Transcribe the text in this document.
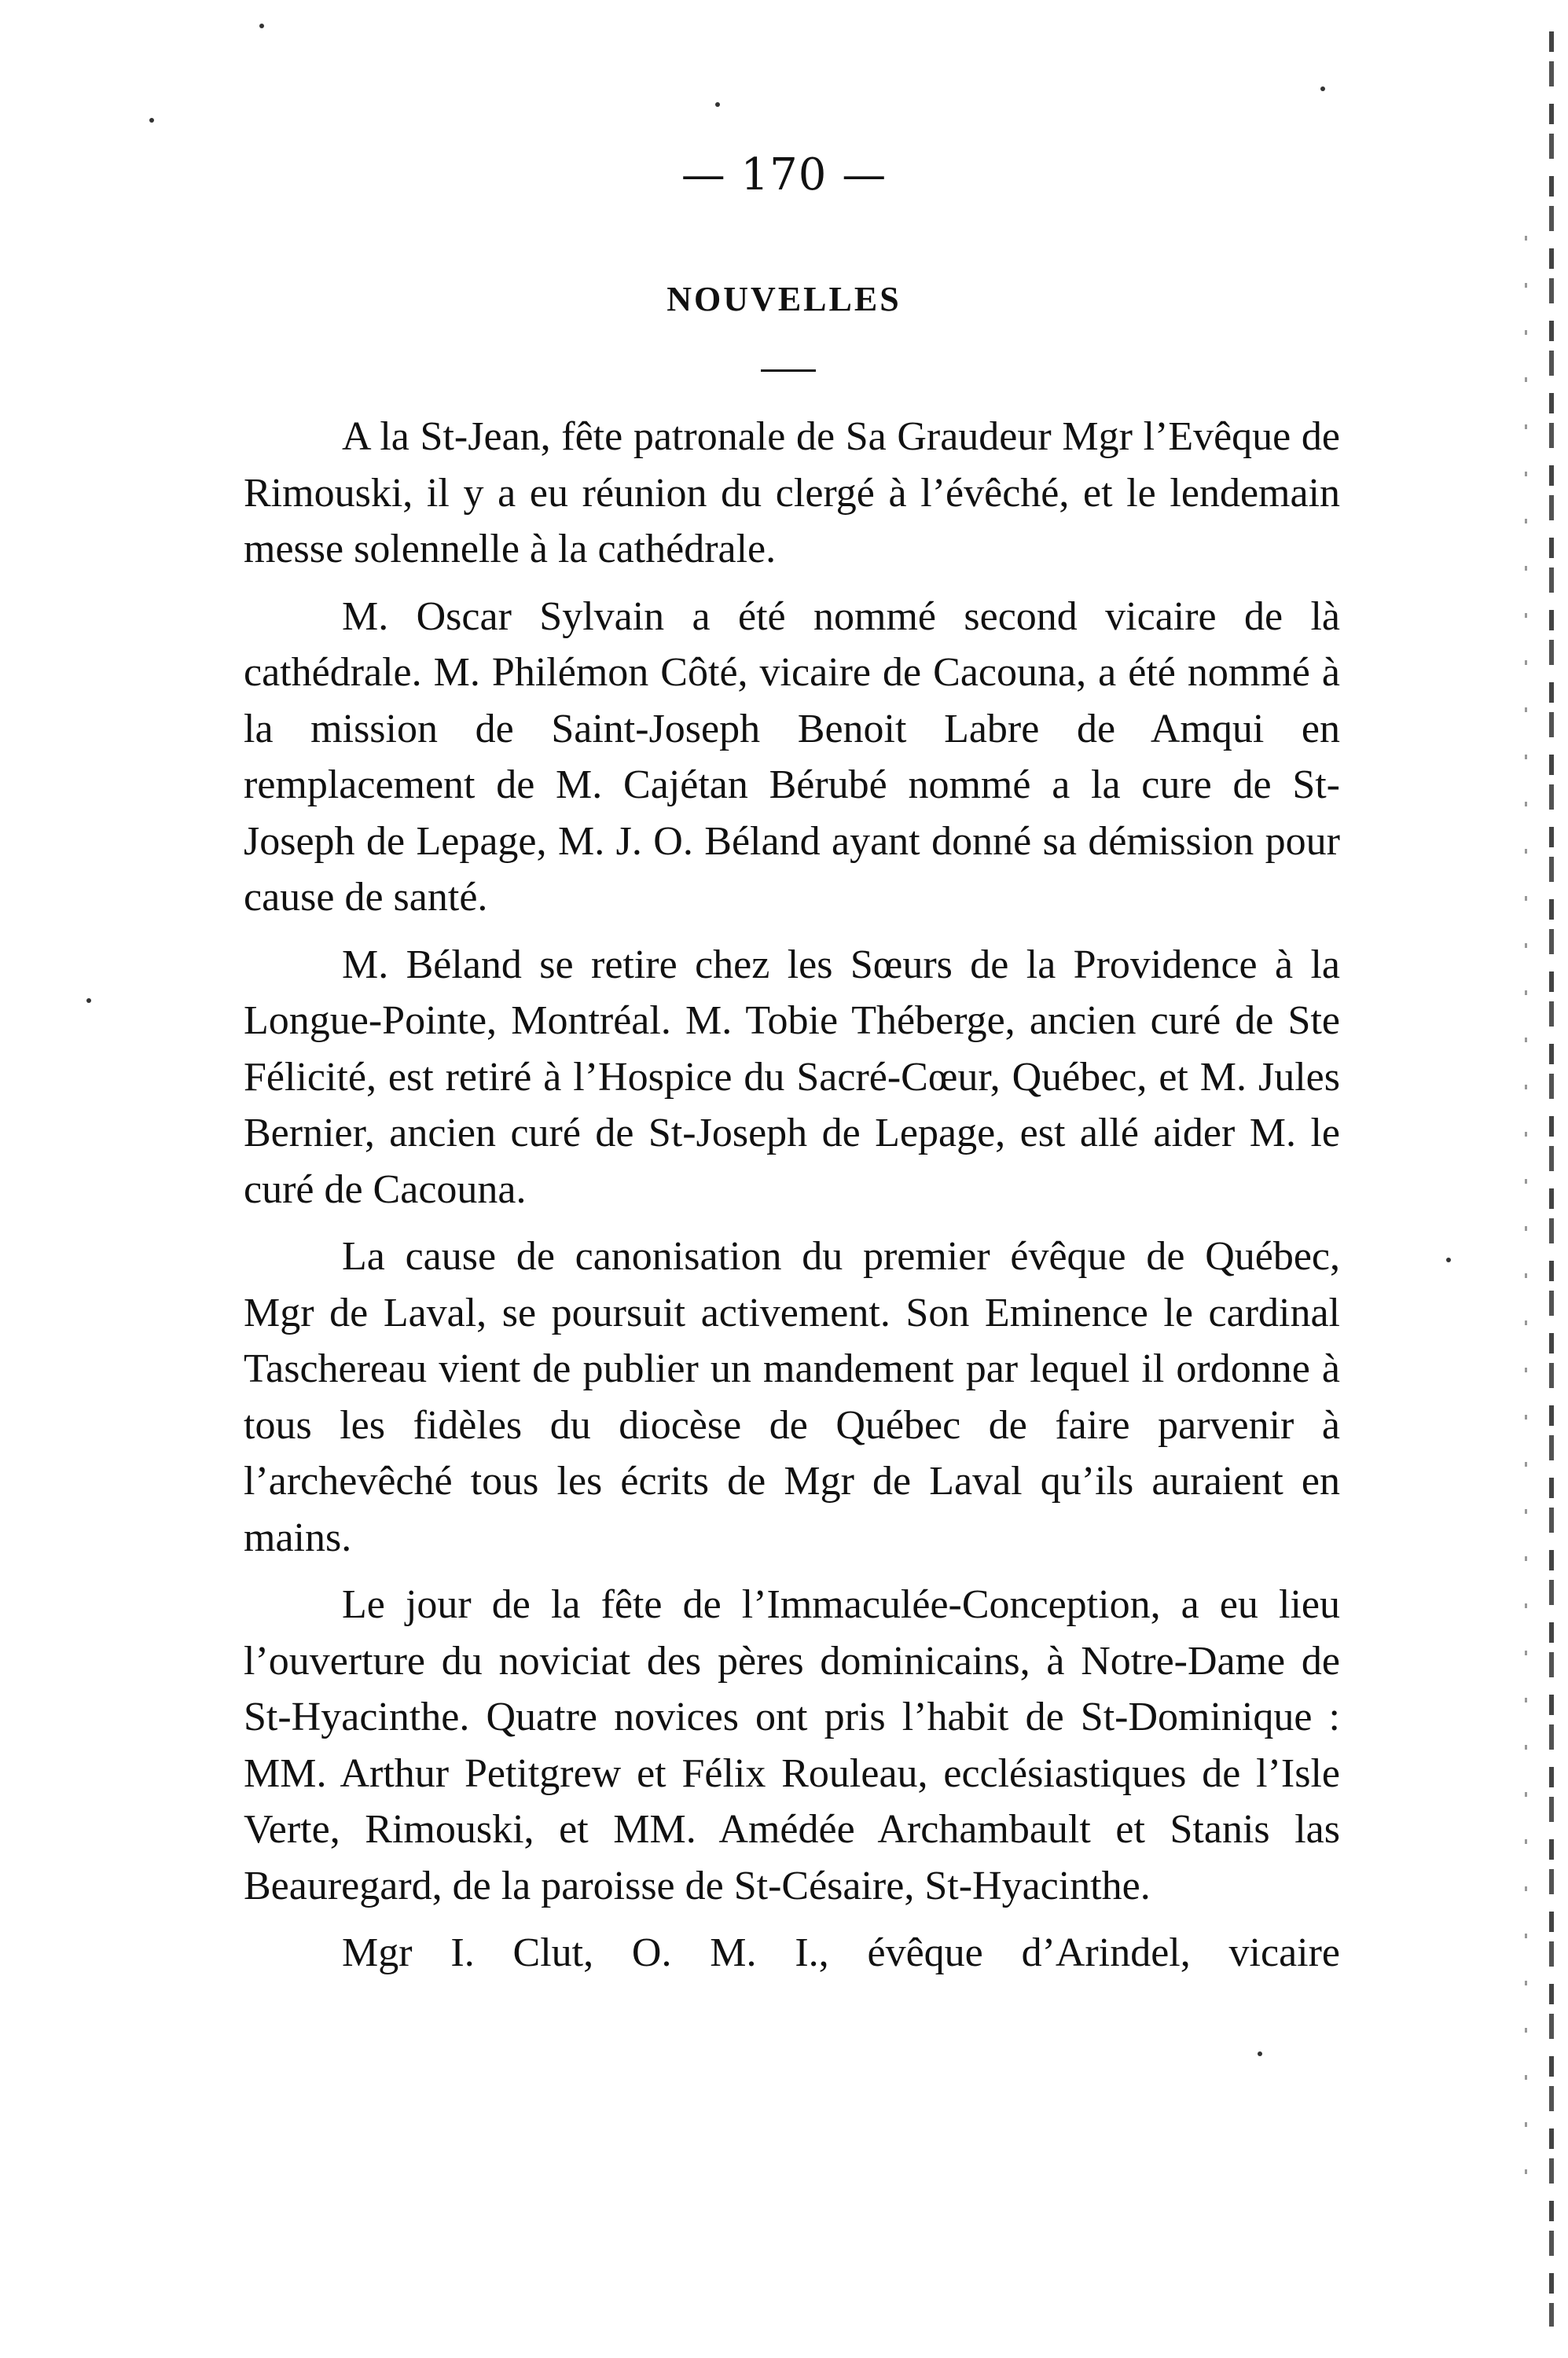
— 170 —
NOUVELLES

A la St-Jean, fête patronale de Sa Graudeur Mgr l’Evêque de Rimouski, il y a eu réunion du clergé à l’évêché, et le lendemain messe solennelle à la cathédrale.

M. Oscar Sylvain a été nommé second vicaire de là cathédrale. M. Philémon Côté, vicaire de Cacouna, a été nommé à la mission de Saint-Joseph Benoit Labre de Amqui en remplacement de M. Cajétan Bérubé nommé a la cure de St-Joseph de Lepage, M. J. O. Béland ayant donné sa démission pour cause de santé.

M. Béland se retire chez les Sœurs de la Providence à la Longue-Pointe, Montréal. M. Tobie Théberge, ancien curé de Ste Félicité, est retiré à l’Hospice du Sacré-Cœur, Québec, et M. Jules Bernier, ancien curé de St-Joseph de Lepage, est allé aider M. le curé de Cacouna.

La cause de canonisation du premier évêque de Québec, Mgr de Laval, se poursuit activement. Son Eminence le cardinal Taschereau vient de publier un mandement par lequel il ordonne à tous les fidèles du diocèse de Québec de faire parvenir à l’archevêché tous les écrits de Mgr de Laval qu’ils auraient en mains.

Le jour de la fête de l’Immaculée-Conception, a eu lieu l’ouverture du noviciat des pères dominicains, à Notre-Dame de St-Hyacinthe. Quatre novices ont pris l’habit de St-Dominique : MM. Arthur Petitgrew et Félix Rouleau, ecclésiastiques de l’Isle Verte, Rimouski, et MM. Amédée Archambault et Stanis las Beauregard, de la paroisse de St-Césaire, St-Hyacinthe.

Mgr I. Clut, O. M. I., évêque d’Arindel, vicaire
